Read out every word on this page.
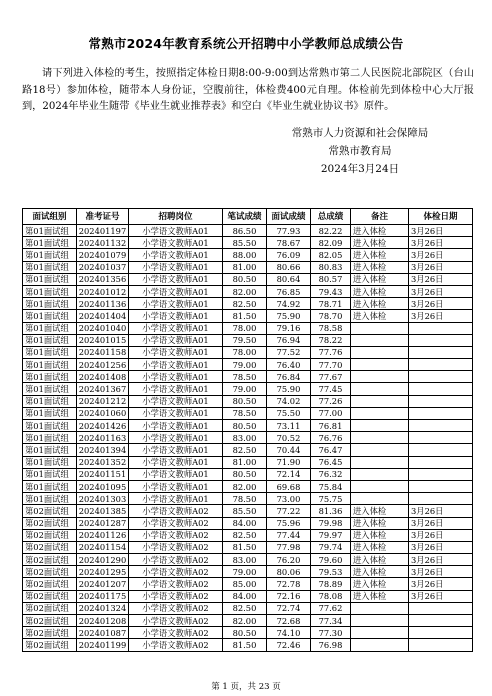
常熟市2024年教育系统公开招聘中小学教师总成绩公告
请下列进入体检的考生，按照指定体检日期8:00-9:00到达常熟市第二人民医院北部院区（台山路18号）参加体检，随带本人身份证，空腹前往，体检费400元自理。体检前先到体检中心大厅报到，2024年毕业生随带《毕业生就业推荐表》和空白《毕业生就业协议书》原件。
常熟市人力资源和社会保障局
常熟市教育局
2024年3月24日
面试组别	准考证号	招聘岗位	笔试成绩	面试成绩	总成绩	备注	体检日期
第01面试组	202401197	小学语文教师A01	86.50	77.93	82.22	进入体检	3月26日
第01面试组	202401132	小学语文教师A01	85.50	78.67	82.09	进入体检	3月26日
第01面试组	202401079	小学语文教师A01	88.00	76.09	82.05	进入体检	3月26日
第01面试组	202401037	小学语文教师A01	81.00	80.66	80.83	进入体检	3月26日
第01面试组	202401356	小学语文教师A01	80.50	80.64	80.57	进入体检	3月26日
第01面试组	202401012	小学语文教师A01	82.00	76.85	79.43	进入体检	3月26日
第01面试组	202401136	小学语文教师A01	82.50	74.92	78.71	进入体检	3月26日
第01面试组	202401404	小学语文教师A01	81.50	75.90	78.70	进入体检	3月26日
第01面试组	202401040	小学语文教师A01	78.00	79.16	78.58		
第01面试组	202401015	小学语文教师A01	79.50	76.94	78.22		
第01面试组	202401158	小学语文教师A01	78.00	77.52	77.76		
第01面试组	202401256	小学语文教师A01	79.00	76.40	77.70		
第01面试组	202401408	小学语文教师A01	78.50	76.84	77.67		
第01面试组	202401367	小学语文教师A01	79.00	75.90	77.45		
第01面试组	202401212	小学语文教师A01	80.50	74.02	77.26		
第01面试组	202401060	小学语文教师A01	78.50	75.50	77.00		
第01面试组	202401426	小学语文教师A01	80.50	73.11	76.81		
第01面试组	202401163	小学语文教师A01	83.00	70.52	76.76		
第01面试组	202401394	小学语文教师A01	82.50	70.44	76.47		
第01面试组	202401352	小学语文教师A01	81.00	71.90	76.45		
第01面试组	202401151	小学语文教师A01	80.50	72.14	76.32		
第01面试组	202401095	小学语文教师A01	82.00	69.68	75.84		
第01面试组	202401303	小学语文教师A01	78.50	73.00	75.75		
第02面试组	202401385	小学语文教师A02	85.50	77.22	81.36	进入体检	3月26日
第02面试组	202401287	小学语文教师A02	84.00	75.96	79.98	进入体检	3月26日
第02面试组	202401126	小学语文教师A02	82.50	77.44	79.97	进入体检	3月26日
第02面试组	202401154	小学语文教师A02	81.50	77.98	79.74	进入体检	3月26日
第02面试组	202401290	小学语文教师A02	83.00	76.20	79.60	进入体检	3月26日
第02面试组	202401295	小学语文教师A02	79.00	80.06	79.53	进入体检	3月26日
第02面试组	202401207	小学语文教师A02	85.00	72.78	78.89	进入体检	3月26日
第02面试组	202401175	小学语文教师A02	84.00	72.16	78.08	进入体检	3月26日
第02面试组	202401324	小学语文教师A02	82.50	72.74	77.62		
第02面试组	202401208	小学语文教师A02	82.00	72.68	77.34		
第02面试组	202401087	小学语文教师A02	80.50	74.10	77.30		
第02面试组	202401199	小学语文教师A02	81.50	72.46	76.98		
第 1 页，共 23 页
